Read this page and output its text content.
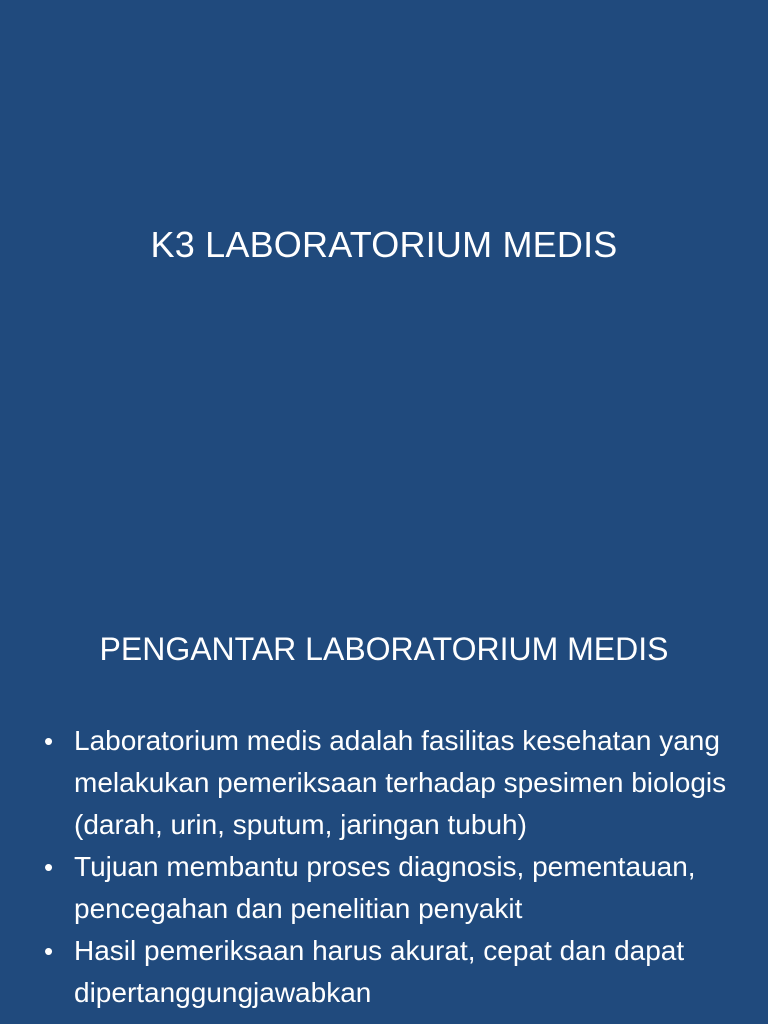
K3 LABORATORIUM MEDIS
PENGANTAR LABORATORIUM MEDIS
• Laboratorium medis adalah fasilitas kesehatan yang melakukan pemeriksaan terhadap spesimen biologis (darah, urin, sputum, jaringan tubuh)
• Tujuan membantu proses diagnosis, pementauan, pencegahan dan penelitian penyakit
• Hasil pemeriksaan harus akurat, cepat dan dapat dipertanggungjawabkan
